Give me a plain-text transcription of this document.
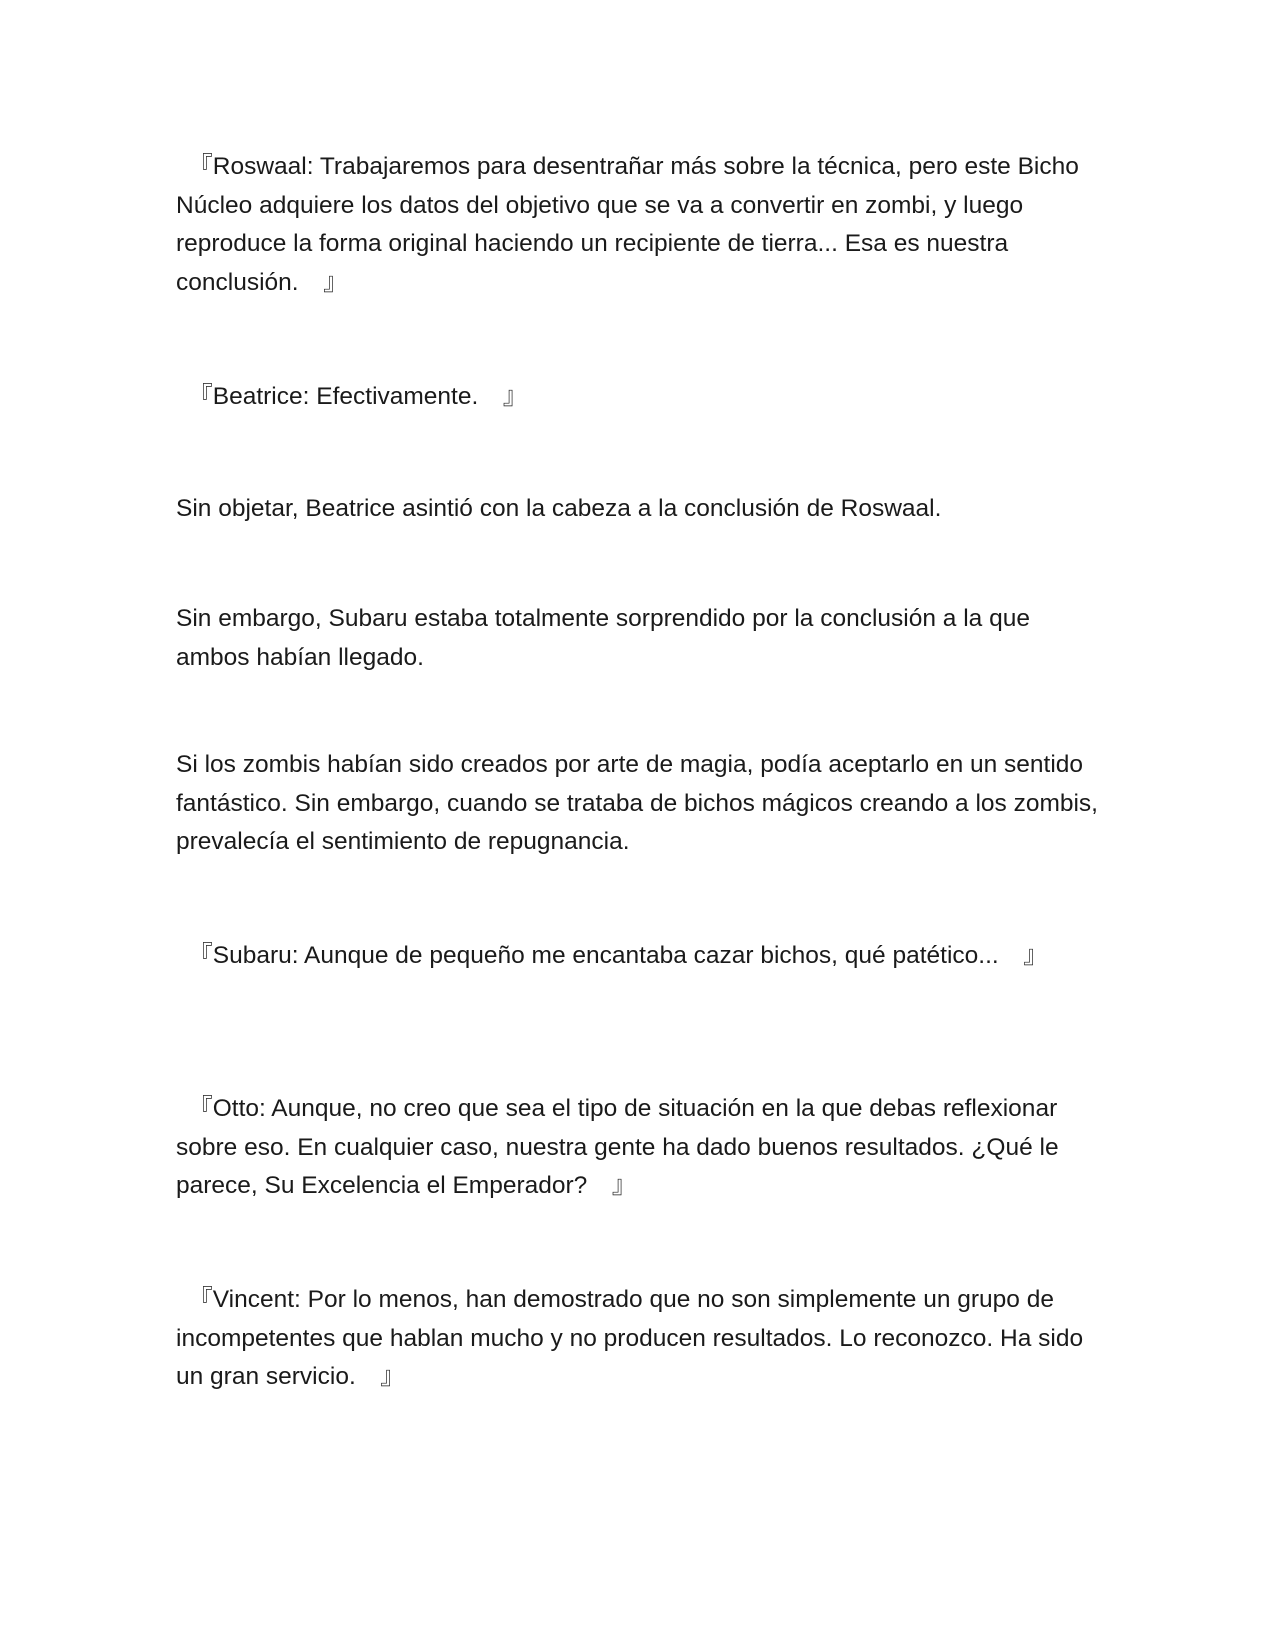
　『Roswaal: Trabajaremos para desentrañar más sobre la técnica, pero este Bicho Núcleo adquiere los datos del objetivo que se va a convertir en zombi, y luego reproduce la forma original haciendo un recipiente de tierra... Esa es nuestra conclusión.　』

　『Beatrice: Efectivamente.　』

Sin objetar, Beatrice asintió con la cabeza a la conclusión de Roswaal.

Sin embargo, Subaru estaba totalmente sorprendido por la conclusión a la que ambos habían llegado.

Si los zombis habían sido creados por arte de magia, podía aceptarlo en un sentido fantástico. Sin embargo, cuando se trataba de bichos mágicos creando a los zombis, prevalecía el sentimiento de repugnancia.

　『Subaru: Aunque de pequeño me encantaba cazar bichos, qué patético...　』

　『Otto: Aunque, no creo que sea el tipo de situación en la que debas reflexionar sobre eso. En cualquier caso, nuestra gente ha dado buenos resultados. ¿Qué le parece, Su Excelencia el Emperador?　』

　『Vincent: Por lo menos, han demostrado que no son simplemente un grupo de incompetentes que hablan mucho y no producen resultados. Lo reconozco. Ha sido un gran servicio.　』
